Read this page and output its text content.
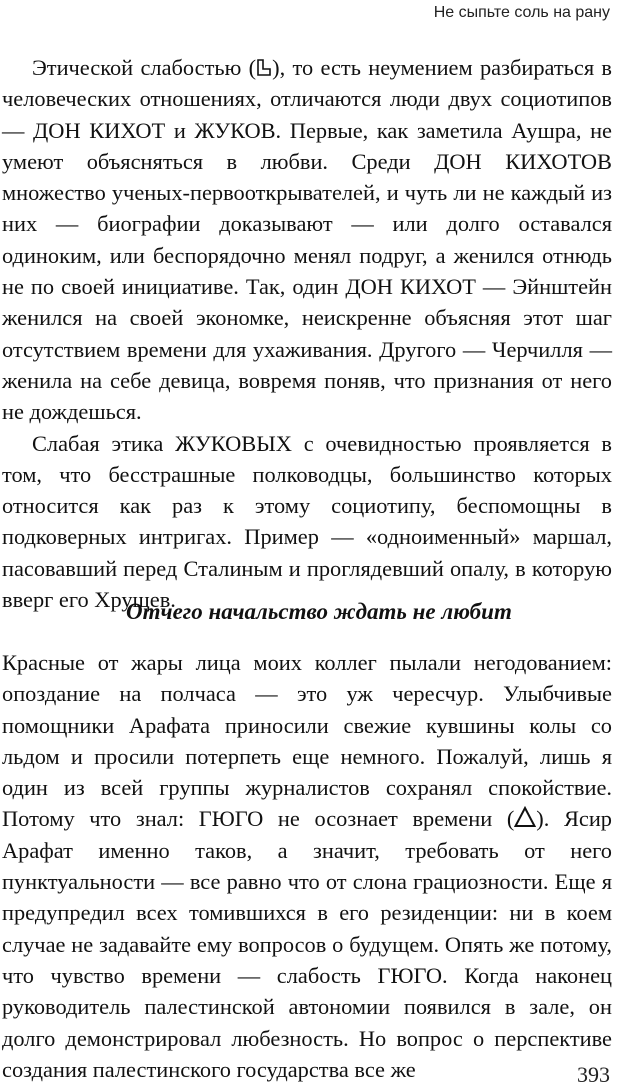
Не сыпьте соль на рану

Этической слабостью ( ), то есть неумением разбираться в человеческих отношениях, отличаются люди двух социотипов — ДОН КИХОТ и ЖУКОВ. Первые, как заметила Аушра, не умеют объясняться в любви. Среди ДОН КИХОТОВ множество ученых-первооткрывателей, и чуть ли не каждый из них — биографии доказывают — или долго оставался одиноким, или беспорядочно менял подруг, а женился отнюдь не по своей инициативе. Так, один ДОН КИХОТ — Эйнштейн женился на своей экономке, неискренне объясняя этот шаг отсутствием времени для ухаживания. Другого — Черчилля — женила на себе девица, вовремя поняв, что признания от него не дождешься.

Слабая этика ЖУКОВЫХ с очевидностью проявляется в том, что бесстрашные полководцы, большинство которых относится как раз к этому социотипу, беспомощны в подковерных интригах. Пример — «одноименный» маршал, пасовавший перед Сталиным и проглядевший опалу, в которую вверг его Хрущев.

Отчего начальство ждать не любит

Красные от жары лица моих коллег пылали негодованием: опоздание на полчаса — это уж чересчур. Улыбчивые помощники Арафата приносили свежие кувшины колы со льдом и просили потерпеть еще немного. Пожалуй, лишь я один из всей группы журналистов сохранял спокойствие. Потому что знал: ГЮГО не осознает времени ( ). Ясир Арафат именно таков, а значит, требовать от него пунктуальности — все равно что от слона грациозности. Еще я предупредил всех томившихся в его резиденции: ни в коем случае не задавайте ему вопросов о будущем. Опять же потому, что чувство времени — слабость ГЮГО. Когда наконец руководитель палестинской автономии появился в зале, он долго демонстрировал любезность. Но вопрос о перспективе создания палестинского государства все же	393
